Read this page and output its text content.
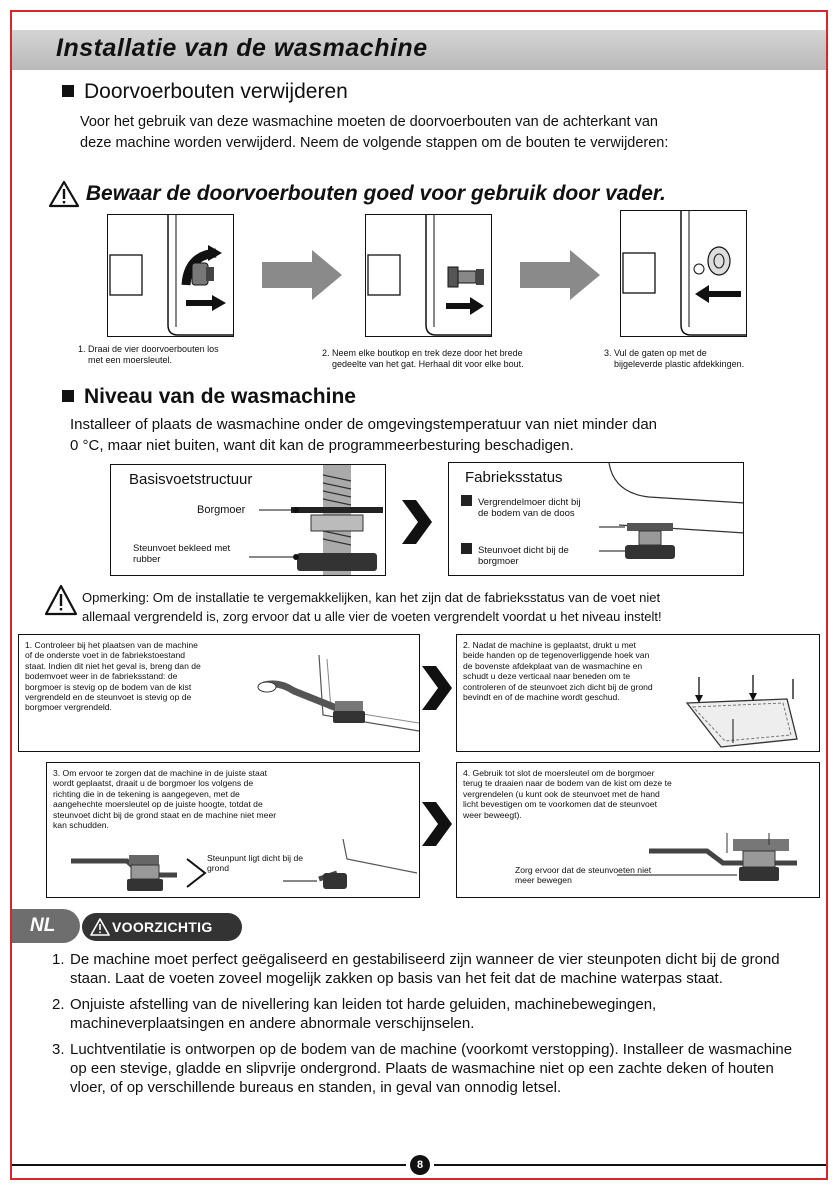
Installatie van de wasmachine
Doorvoerbouten verwijderen
Voor het gebruik van deze wasmachine moeten de doorvoerbouten van de achterkant van
deze machine worden verwijderd. Neem de volgende stappen om de bouten te verwijderen:
Bewaar de doorvoerbouten goed voor gebruik door vader.
1. Draai de vier doorvoerbouten los
met een moersleutel.
2. Neem elke boutkop en trek deze door het brede
gedeelte van het gat. Herhaal dit voor elke bout.
3. Vul de gaten op met de
bijgeleverde plastic afdekkingen.
Niveau van de wasmachine
Installeer of plaats de wasmachine onder de omgevingstemperatuur van niet minder dan
0 °C, maar niet buiten, want dit kan de programmeerbesturing beschadigen.
Basisvoetstructuur
Borgmoer
Steunvoet bekleed met
rubber
Fabrieksstatus
Vergrendelmoer dicht bij
de bodem van de doos
Steunvoet dicht bij de
borgmoer
Opmerking: Om de installatie te vergemakkelijken, kan het zijn dat de fabrieksstatus van de voet niet
allemaal vergrendeld is, zorg ervoor dat u alle vier de voeten vergrendelt voordat u het niveau instelt!
1. Controleer bij het plaatsen van de machine
of de onderste voet in de fabriekstoestand
staat. Indien dit niet het geval is, breng dan de
bodemvoet weer in de fabrieksstand: de
borgmoer is stevig op de bodem van de kist
vergrendeld en de steunvoet is stevig op de
borgmoer vergrendeld.
2. Nadat de machine is geplaatst, drukt u met
beide handen op de tegenoverliggende hoek van
de bovenste afdekplaat van de wasmachine en
schudt u deze verticaal naar beneden om te
controleren of de steunvoet zich dicht bij de grond
bevindt en of de machine wordt geschud.
3. Om ervoor te zorgen dat de machine in de juiste staat
wordt geplaatst, draait u de borgmoer los volgens de
richting die in de tekening is aangegeven, met de
aangehechte moersleutel op de juiste hoogte, totdat de
steunvoet dicht bij de grond staat en de machine niet meer
kan schudden.
Steunpunt ligt dicht bij de
grond
4. Gebruik tot slot de moersleutel om de borgmoer
terug te draaien naar de bodem van de kist om deze te
vergrendelen (u kunt ook de steunvoet met de hand
licht bevestigen om te voorkomen dat de steunvoet
weer beweegt).
Zorg ervoor dat de steunvoeten niet
meer bewegen
NL	VOORZICHTIG
1. De machine moet perfect geëgaliseerd en gestabiliseerd zijn wanneer de vier steunpoten dicht bij de grond staan. Laat de voeten zoveel mogelijk zakken op basis van het feit dat de machine waterpas staat.
2. Onjuiste afstelling van de nivellering kan leiden tot harde geluiden, machinebewegingen, machineverplaatsingen en andere abnormale verschijnselen.
3. Luchtventilatie is ontworpen op de bodem van de machine (voorkomt verstopping). Installeer de wasmachine op een stevige, gladde en slipvrije ondergrond. Plaats de wasmachine niet op een zachte deken of houten vloer, of op verschillende bureaus en standen, in geval van onnodig letsel.
8
